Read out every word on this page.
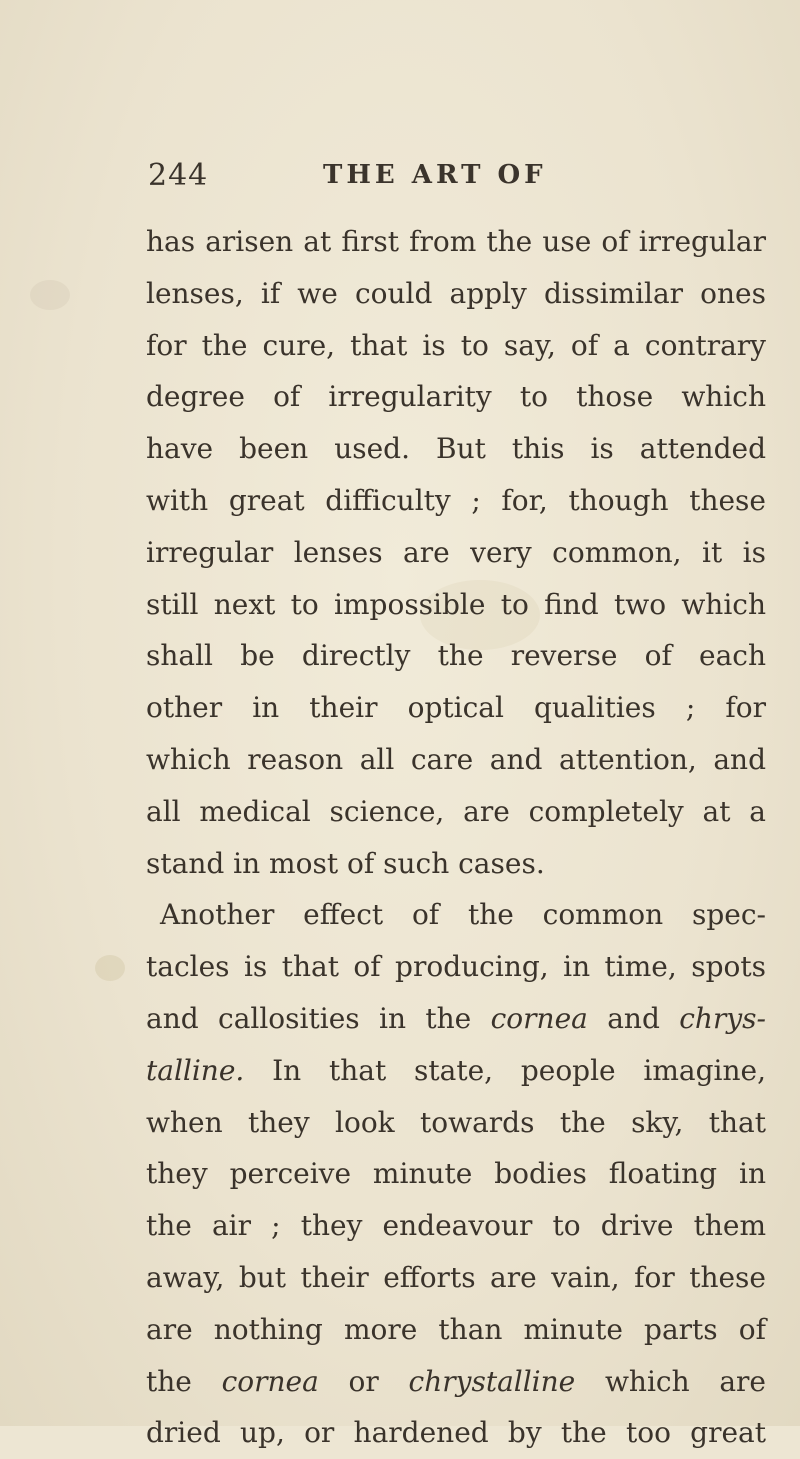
244	THE ART OF
has arisen at first from the use of irregular
lenses, if we could apply dissimilar ones
for the cure, that is to say, of a contrary
degree of irregularity to those which
have been used. But this is attended
with great difficulty ; for, though these
irregular lenses are very common, it is
still next to impossible to find two which
shall be directly the reverse of each
other in their optical qualities ; for
which reason all care and attention, and
all medical science, are completely at a
stand in most of such cases.
Another effect of the common spec-
tacles is that of producing, in time, spots
and callosities in the cornea and chrys-
talline. In that state, people imagine,
when they look towards the sky, that
they perceive minute bodies floating in
the air ; they endeavour to drive them
away, but their efforts are vain, for these
are nothing more than minute parts of
the cornea or chrystalline which are
dried up, or hardened by the too great
